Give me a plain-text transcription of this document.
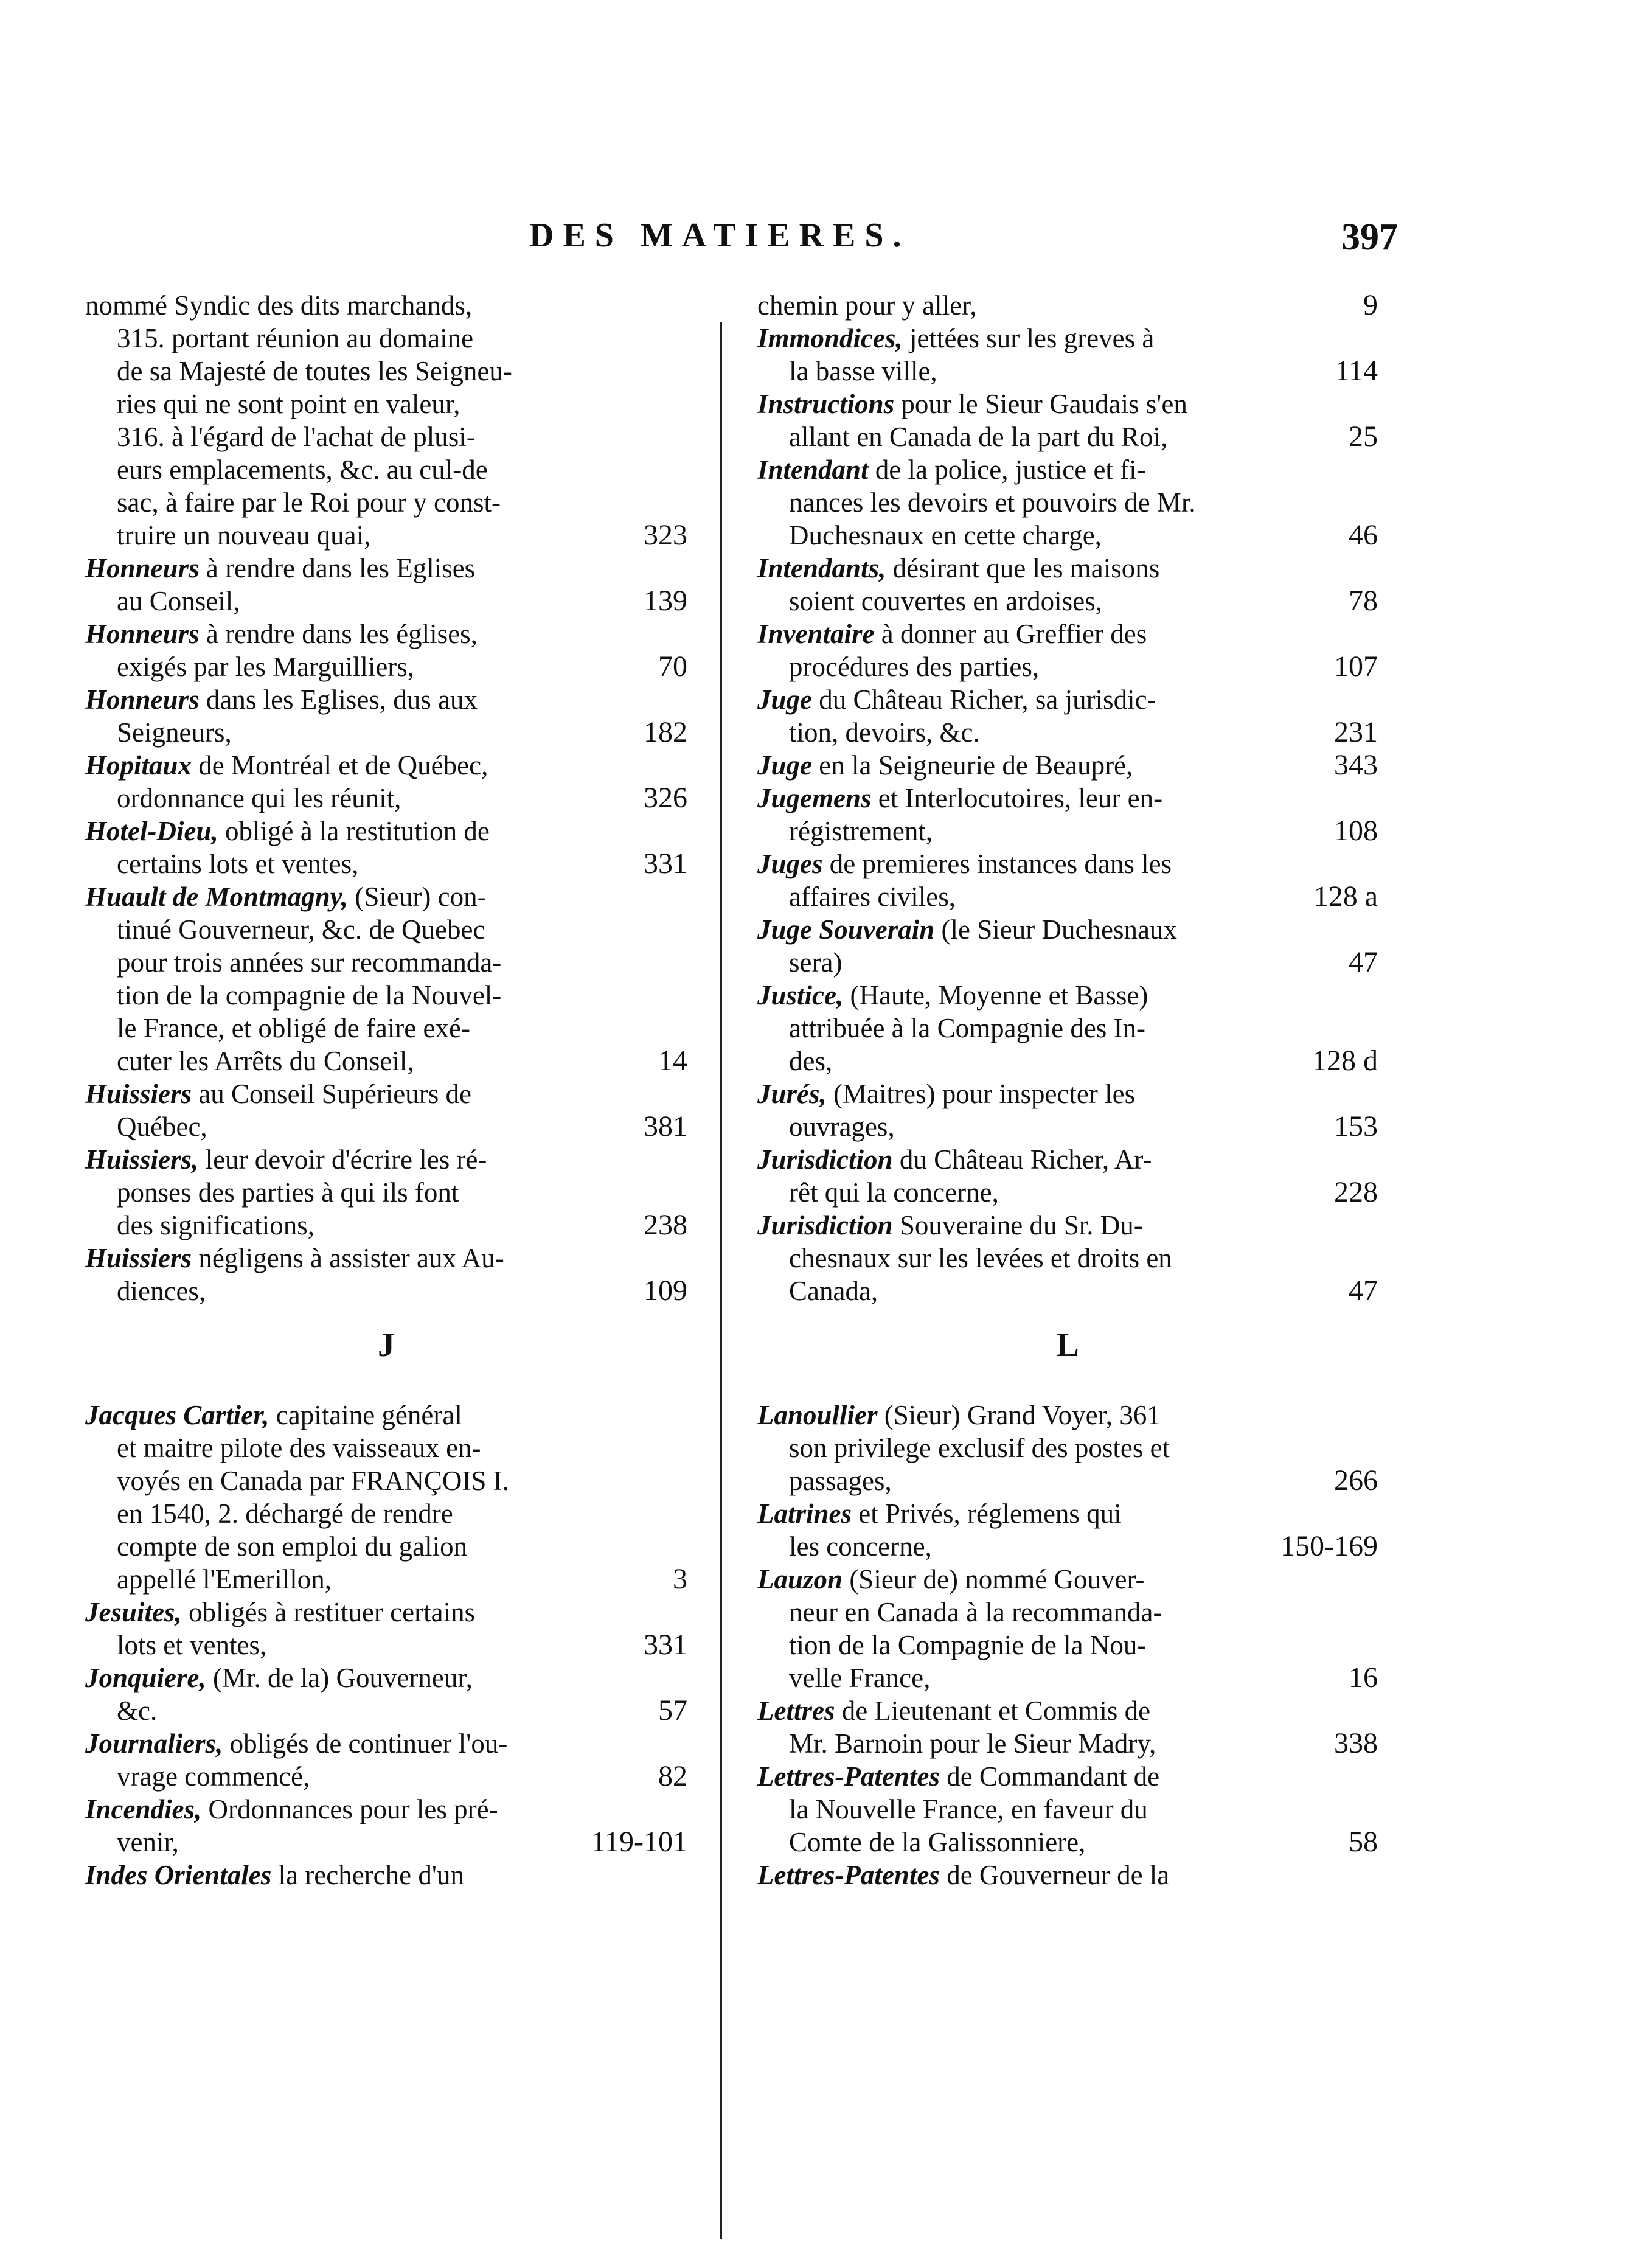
DES MATIERES.	397
nommé Syndic des dits marchands,
315. portant réunion au domaine
de sa Majesté de toutes les Seigneu-
ries qui ne sont point en valeur,
316. à l'égard de l'achat de plusi-
eurs emplacements, &c. au cul-de
sac, à faire par le Roi pour y const-
truire un nouveau quai,	323
Honneurs à rendre dans les Eglises
au Conseil,	139
Honneurs à rendre dans les églises,
exigés par les Marguilliers,	70
Honneurs dans les Eglises, dus aux
Seigneurs,	182
Hopitaux de Montréal et de Québec,
ordonnance qui les réunit,	326
Hotel-Dieu, obligé à la restitution de
certains lots et ventes,	331
Huault de Montmagny, (Sieur) con-
tinué Gouverneur, &c. de Quebec
pour trois années sur recommanda-
tion de la compagnie de la Nouvel-
le France, et obligé de faire exé-
cuter les Arrêts du Conseil,	14
Huissiers au Conseil Supérieurs de
Québec,	381
Huissiers, leur devoir d'écrire les ré-
ponses des parties à qui ils font
des significations,	238
Huissiers négligens à assister aux Au-
diences,	109
J
Jacques Cartier, capitaine général
et maitre pilote des vaisseaux en-
voyés en Canada par FRANÇOIS I.
en 1540, 2. déchargé de rendre
compte de son emploi du galion
appellé l'Emerillon,	3
Jesuites, obligés à restituer certains
lots et ventes,	331
Jonquiere, (Mr. de la) Gouverneur,
&c.	57
Journaliers, obligés de continuer l'ou-
vrage commencé,	82
Incendies, Ordonnances pour les pré-
venir,	119-101
Indes Orientales la recherche d'un
chemin pour y aller,	9
Immondices, jettées sur les greves à
la basse ville,	114
Instructions pour le Sieur Gaudais s'en
allant en Canada de la part du Roi,	25
Intendant de la police, justice et fi-
nances les devoirs et pouvoirs de Mr.
Duchesnaux en cette charge,	46
Intendants, désirant que les maisons
soient couvertes en ardoises,	78
Inventaire à donner au Greffier des
procédures des parties,	107
Juge du Château Richer, sa jurisdic-
tion, devoirs, &c.	231
Juge en la Seigneurie de Beaupré,	343
Jugemens et Interlocutoires, leur en-
régistrement,	108
Juges de premieres instances dans les
affaires civiles,	128 a
Juge Souverain (le Sieur Duchesnaux
sera)	47
Justice, (Haute, Moyenne et Basse)
attribuée à la Compagnie des In-
des,	128 d
Jurés, (Maitres) pour inspecter les
ouvrages,	153
Jurisdiction du Château Richer, Ar-
rêt qui la concerne,	228
Jurisdiction Souveraine du Sr. Du-
chesnaux sur les levées et droits en
Canada,	47
L
Lanoullier (Sieur) Grand Voyer, 361
son privilege exclusif des postes et
passages,	266
Latrines et Privés, réglemens qui
les concerne,	150-169
Lauzon (Sieur de) nommé Gouver-
neur en Canada à la recommanda-
tion de la Compagnie de la Nou-
velle France,	16
Lettres de Lieutenant et Commis de
Mr. Barnoin pour le Sieur Madry,	338
Lettres-Patentes de Commandant de
la Nouvelle France, en faveur du
Comte de la Galissonniere,	58
Lettres-Patentes de Gouverneur de la
